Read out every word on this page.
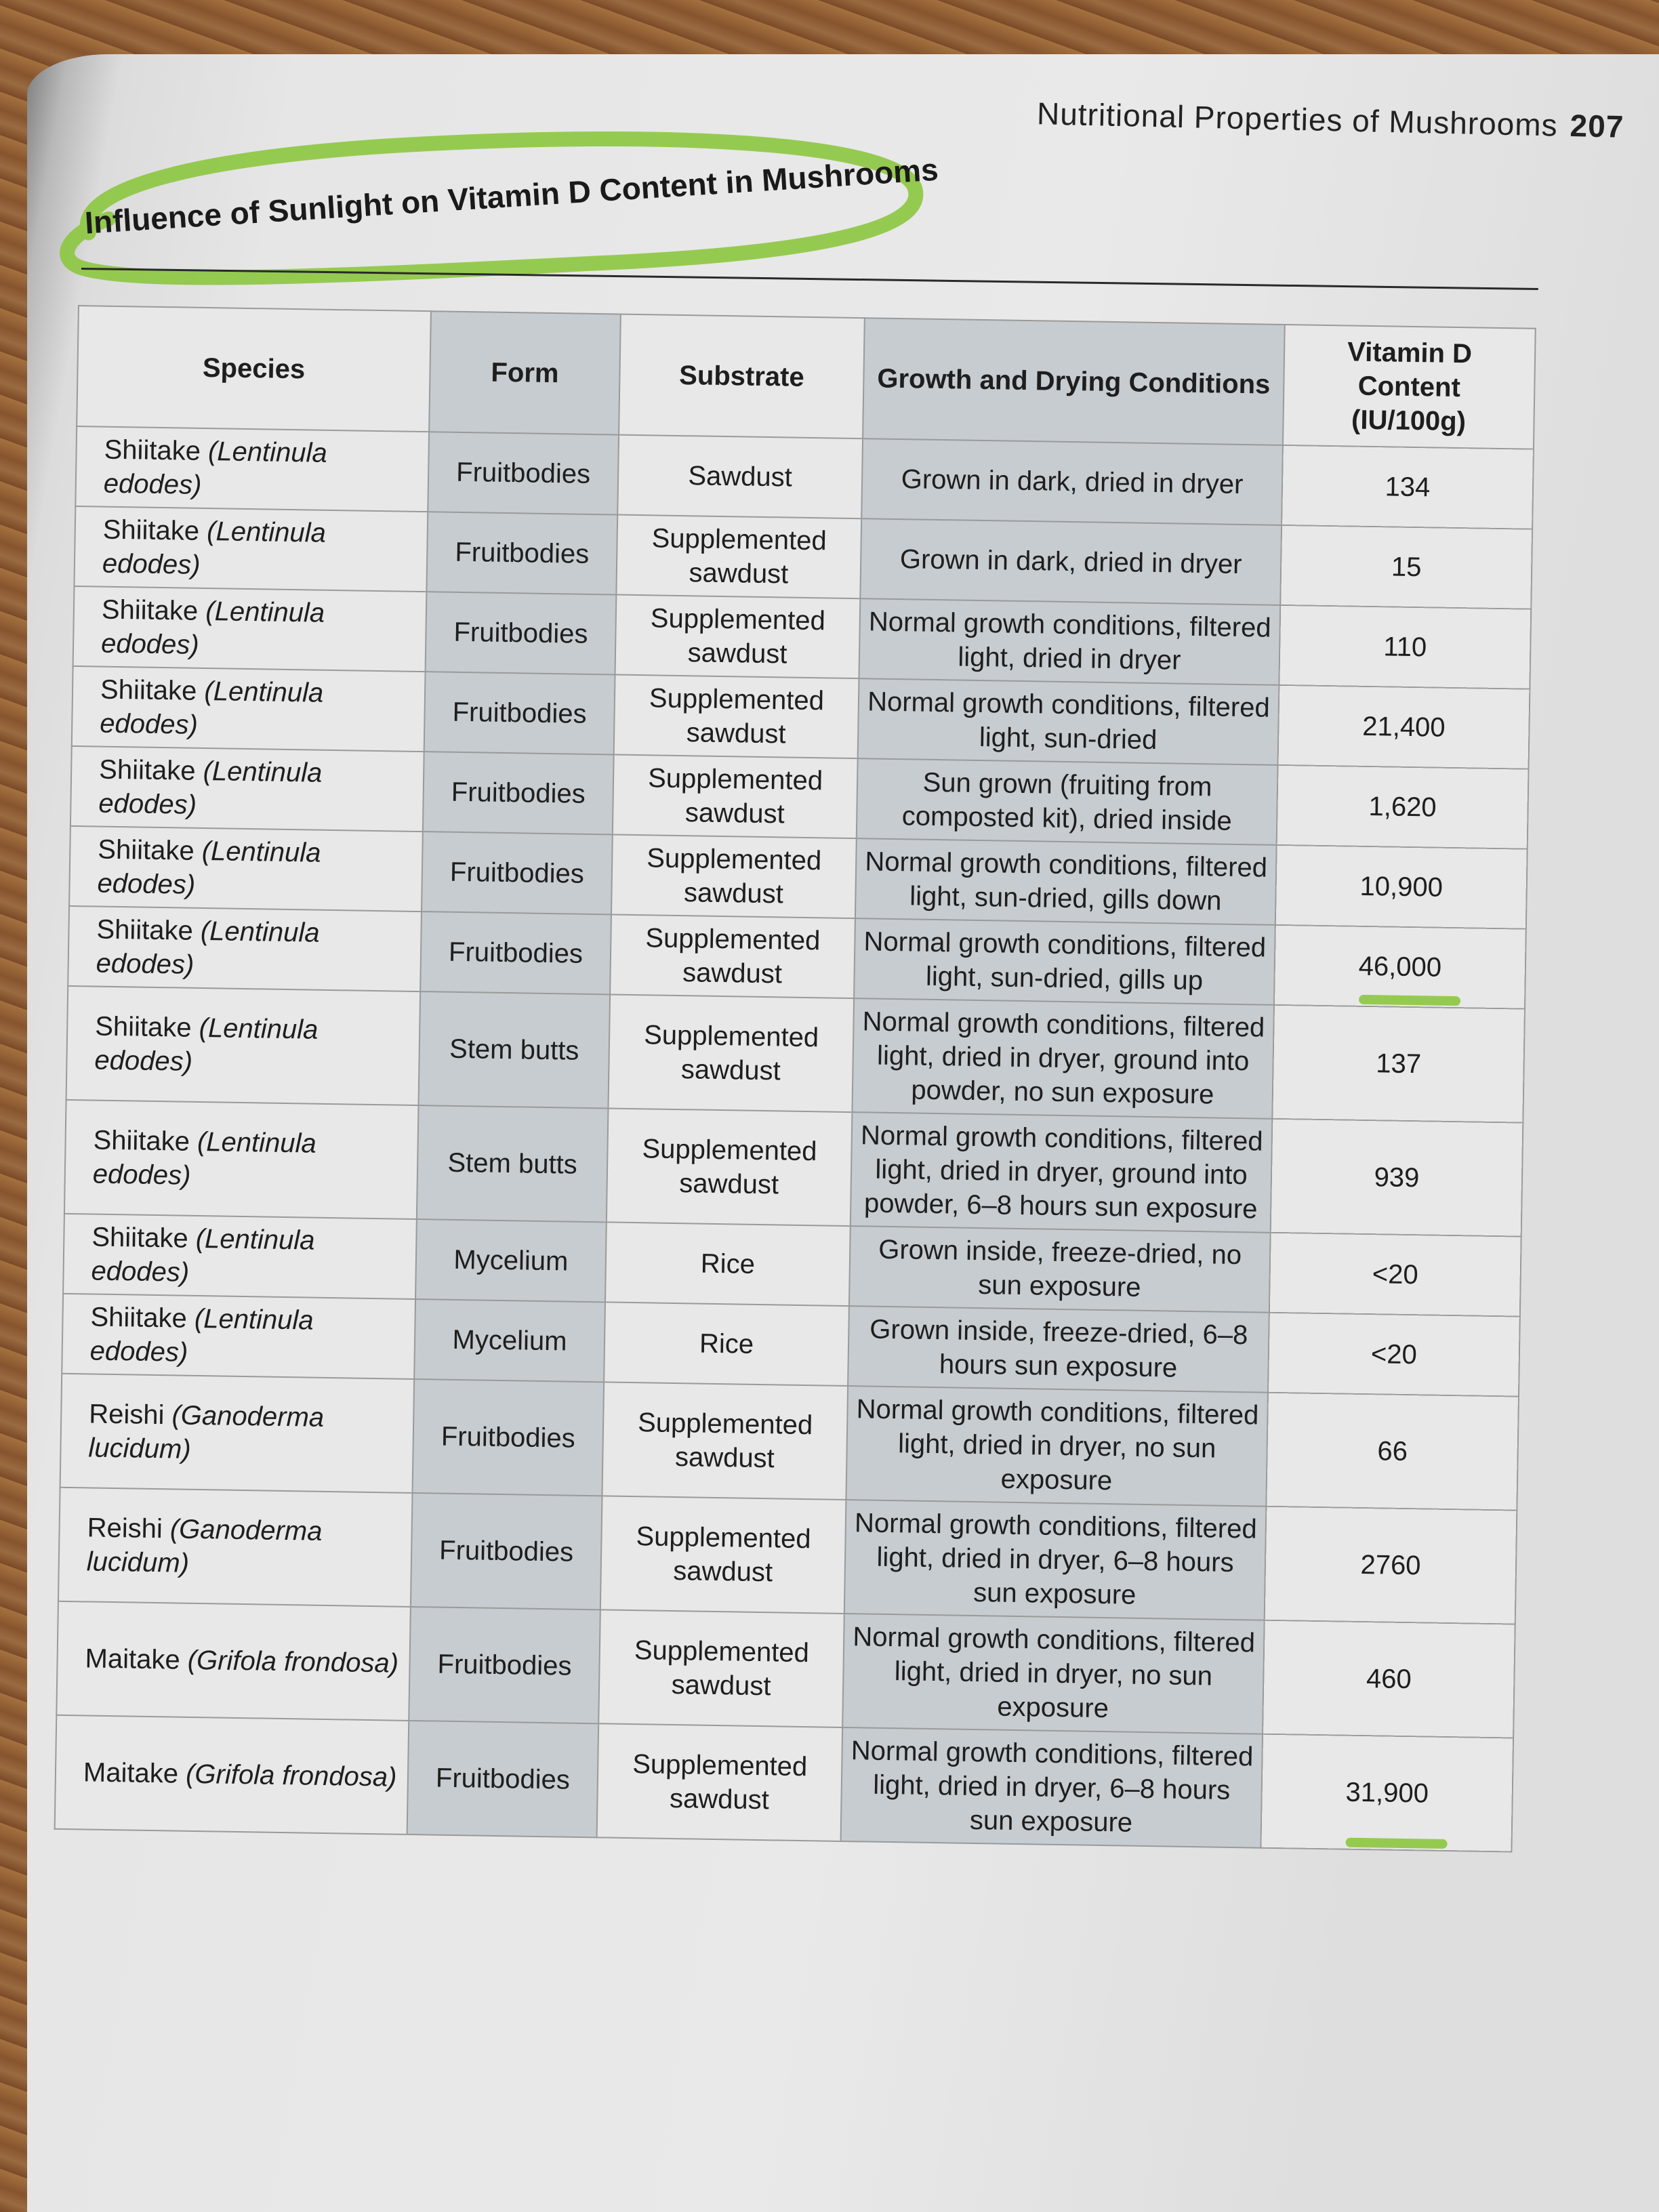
Nutritional Properties of Mushrooms 207
Influence of Sunlight on Vitamin D Content in Mushrooms
Species	Form	Substrate	Growth and Drying Conditions	Vitamin D Content
(IU/100g)
Shiitake (Lentinula edodes)	Fruitbodies	Sawdust	Grown in dark, dried in dryer	134
Shiitake (Lentinula edodes)	Fruitbodies	Supplemented sawdust	Grown in dark, dried in dryer	15
Shiitake (Lentinula edodes)	Fruitbodies	Supplemented sawdust	Normal growth conditions, filtered light, dried in dryer	110
Shiitake (Lentinula edodes)	Fruitbodies	Supplemented sawdust	Normal growth conditions, filtered light, sun-dried	21,400
Shiitake (Lentinula edodes)	Fruitbodies	Supplemented sawdust	Sun grown (fruiting from composted kit), dried inside	1,620
Shiitake (Lentinula edodes)	Fruitbodies	Supplemented sawdust	Normal growth conditions, filtered light, sun-dried, gills down	10,900
Shiitake (Lentinula edodes)	Fruitbodies	Supplemented sawdust	Normal growth conditions, filtered light, sun-dried, gills up	46,000

Shiitake (Lentinula edodes)	Stem butts	Supplemented sawdust	Normal growth conditions, filtered light, dried in dryer, ground into powder, no sun exposure	137
Shiitake (Lentinula edodes)	Stem butts	Supplemented sawdust	Normal growth conditions, filtered light, dried in dryer, ground into powder, 6–8 hours sun exposure	939
Shiitake (Lentinula edodes)	Mycelium	Rice	Grown inside, freeze-dried, no sun exposure	<20
Shiitake (Lentinula edodes)	Mycelium	Rice	Grown inside, freeze-dried, 6–8 hours sun exposure	<20
Reishi (Ganoderma lucidum)	Fruitbodies	Supplemented sawdust	Normal growth conditions, filtered light, dried in dryer, no sun exposure	66
Reishi (Ganoderma lucidum)	Fruitbodies	Supplemented sawdust	Normal growth conditions, filtered light, dried in dryer, 6–8 hours sun exposure	2760
Maitake (Grifola frondosa)	Fruitbodies	Supplemented sawdust	Normal growth conditions, filtered light, dried in dryer, no sun exposure	460
Maitake (Grifola frondosa)	Fruitbodies	Supplemented sawdust	Normal growth conditions, filtered light, dried in dryer, 6–8 hours sun exposure	31,900
